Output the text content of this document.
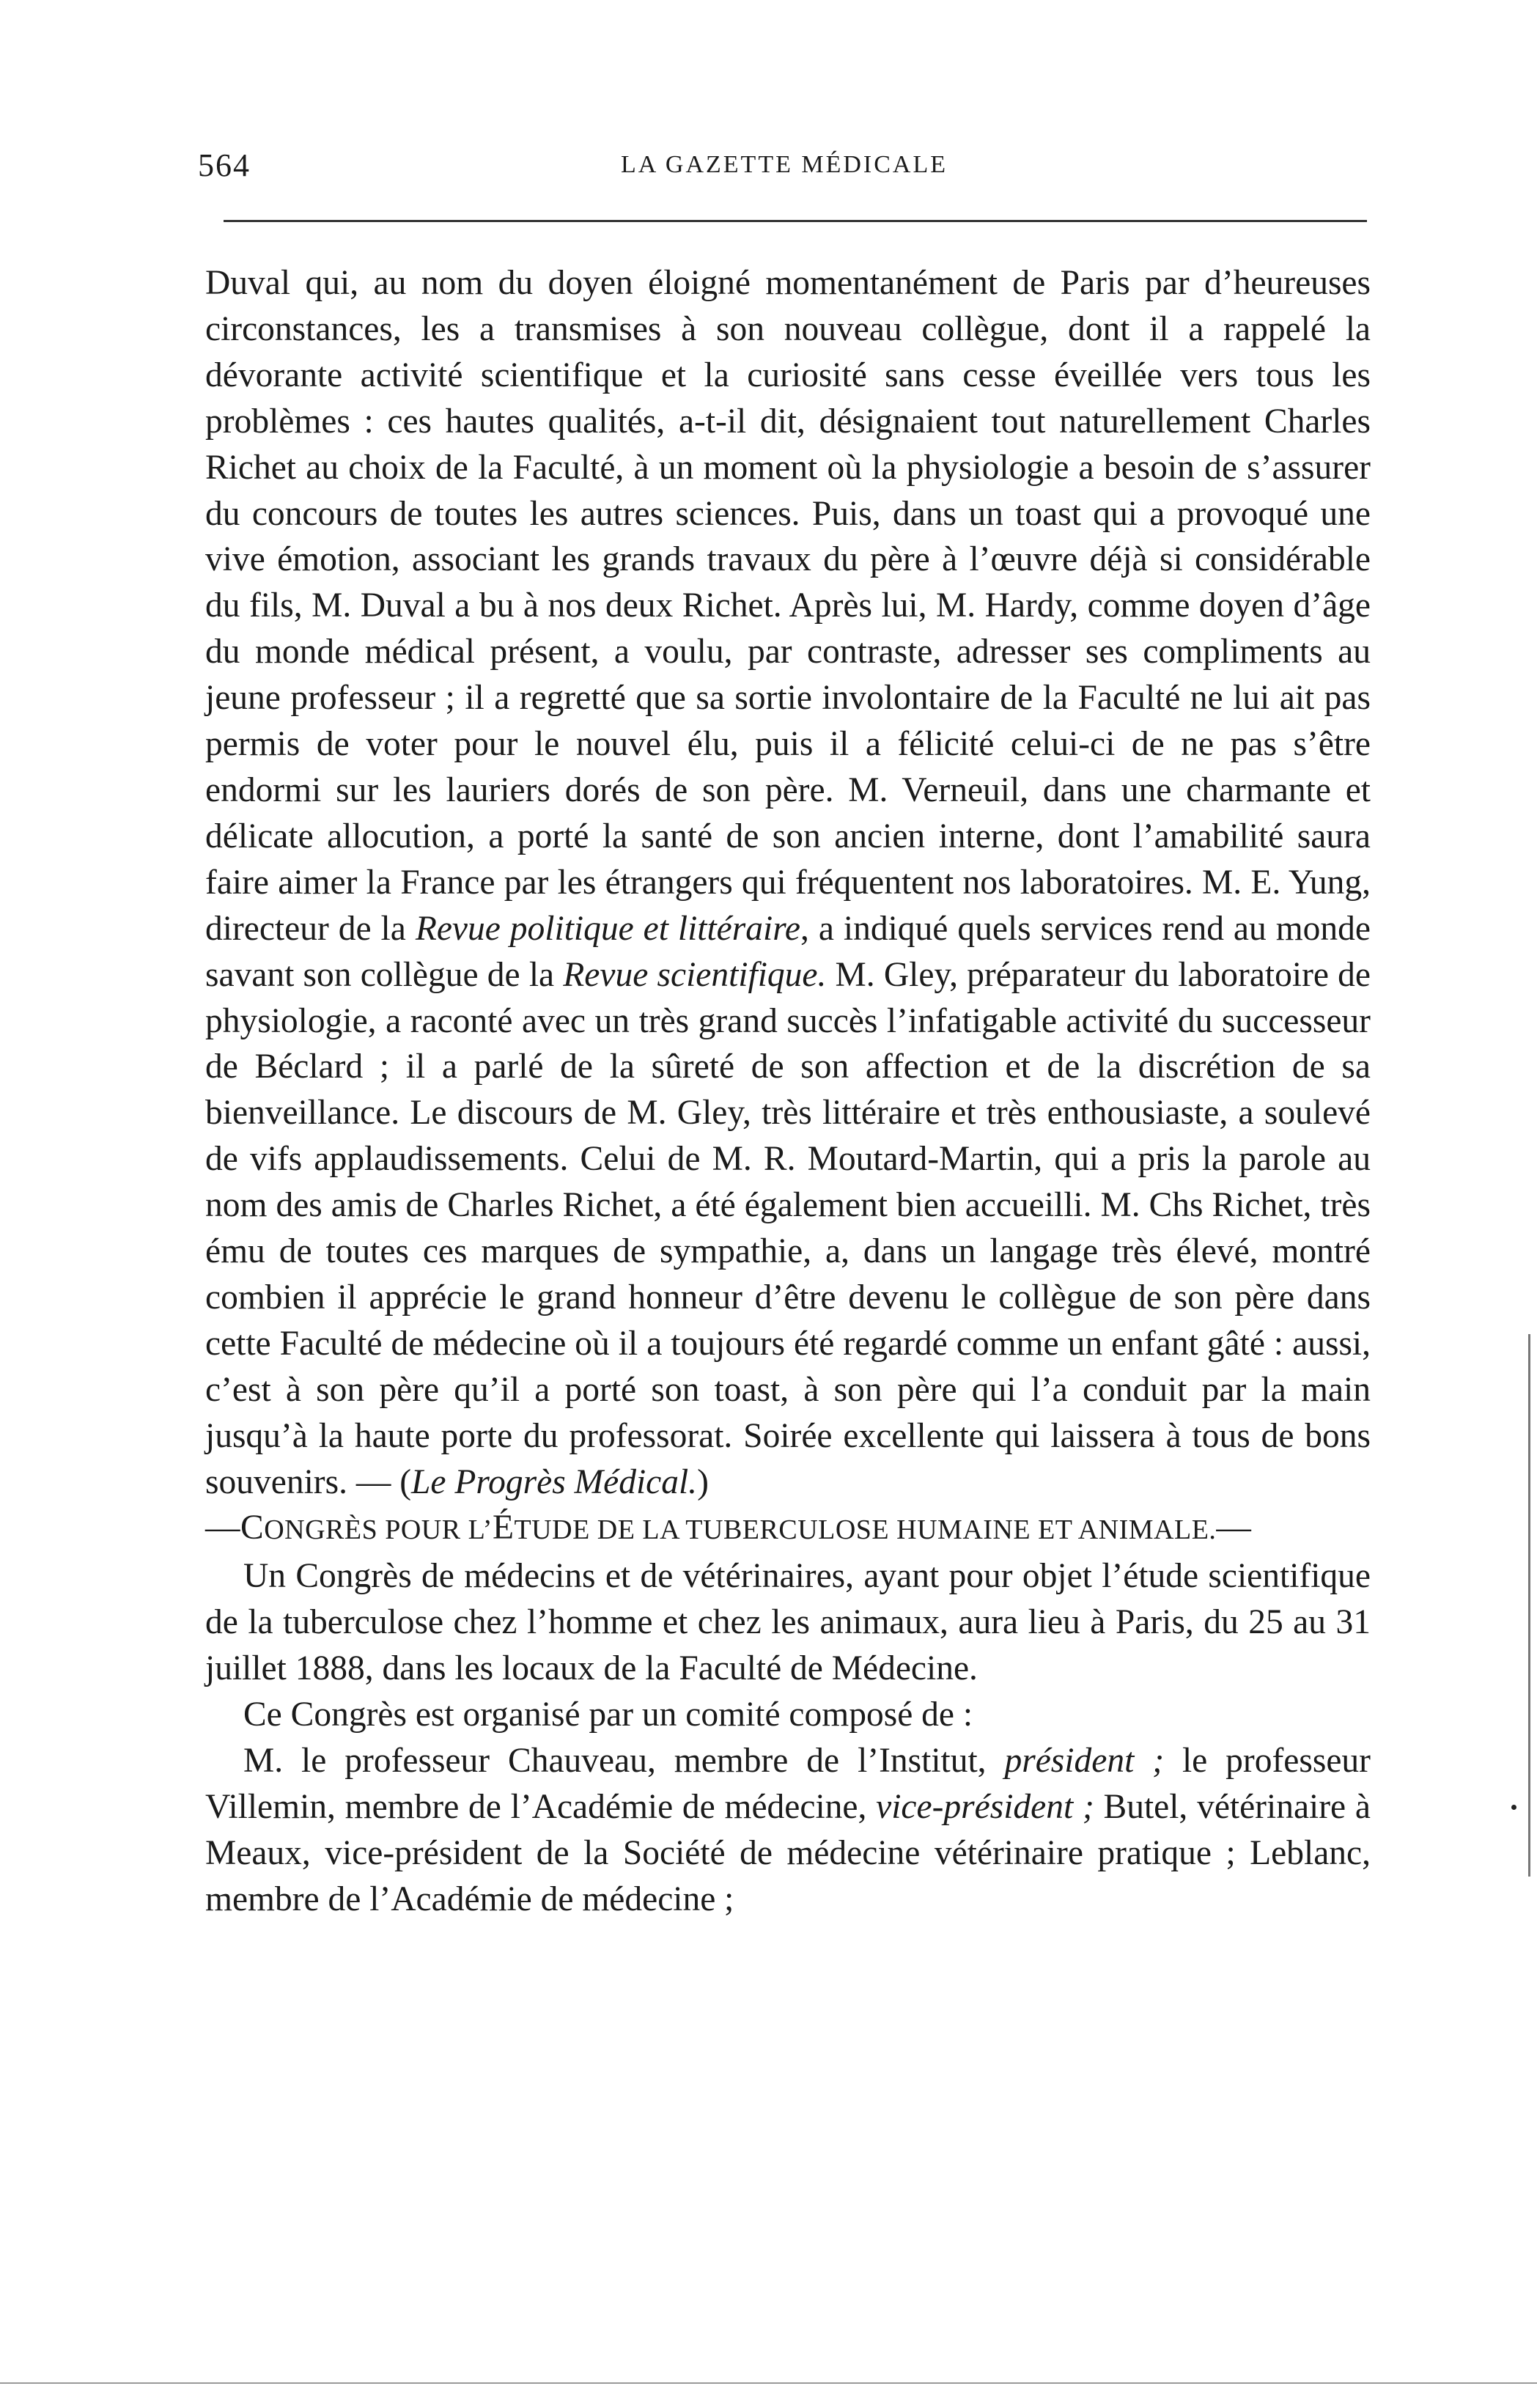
564	LA GAZETTE MÉDICALE

Duval qui, au nom du doyen éloigné momentanément de Paris par d’heureuses circonstances, les a transmises à son nouveau collègue, dont il a rappelé la dévorante activité scientifique et la curiosité sans cesse éveillée vers tous les problèmes : ces hautes qualités, a-t-il dit, désignaient tout naturellement Charles Richet au choix de la Faculté, à un moment où la physiologie a besoin de s’assurer du concours de toutes les autres sciences. Puis, dans un toast qui a provoqué une vive émotion, associant les grands travaux du père à l’œuvre déjà si considérable du fils, M. Duval a bu à nos deux Richet. Après lui, M. Hardy, comme doyen d’âge du monde médical présent, a voulu, par contraste, adresser ses compliments au jeune professeur ; il a regretté que sa sortie involontaire de la Faculté ne lui ait pas permis de voter pour le nouvel élu, puis il a félicité celui-ci de ne pas s’être endormi sur les lauriers dorés de son père. M. Verneuil, dans une charmante et délicate allocution, a porté la santé de son ancien interne, dont l’amabilité saura faire aimer la France par les étrangers qui fréquentent nos laboratoires. M. E. Yung, directeur de la Revue politique et littéraire, a indiqué quels services rend au monde savant son collègue de la Revue scientifique. M. Gley, préparateur du laboratoire de physiologie, a raconté avec un très grand succès l’infatigable activité du successeur de Béclard ; il a parlé de la sûreté de son affection et de la discrétion de sa bienveillance. Le discours de M. Gley, très littéraire et très enthousiaste, a soulevé de vifs applaudissements. Celui de M. R. Moutard-Martin, qui a pris la parole au nom des amis de Charles Richet, a été également bien accueilli. M. Chs Richet, très ému de toutes ces marques de sympathie, a, dans un langage très élevé, montré combien il apprécie le grand honneur d’être devenu le collègue de son père dans cette Faculté de médecine où il a toujours été regardé comme un enfant gâté : aussi, c’est à son père qu’il a porté son toast, à son père qui l’a conduit par la main jusqu’à la haute porte du professorat. Soirée excellente qui laissera à tous de bons souvenirs. — (Le Progrès Médical.)

—CONGRÈS POUR L’ÉTUDE DE LA TUBERCULOSE HUMAINE ET ANIMALE.—

Un Congrès de médecins et de vétérinaires, ayant pour objet l’étude scientifique de la tuberculose chez l’homme et chez les animaux, aura lieu à Paris, du 25 au 31 juillet 1888, dans les locaux de la Faculté de Médecine.

Ce Congrès est organisé par un comité composé de :

M. le professeur Chauveau, membre de l’Institut, président ; le professeur Villemin, membre de l’Académie de médecine, vice-président ; Butel, vétérinaire à Meaux, vice-président de la Société de médecine vétérinaire pratique ; Leblanc, membre de l’Académie de médecine ;
